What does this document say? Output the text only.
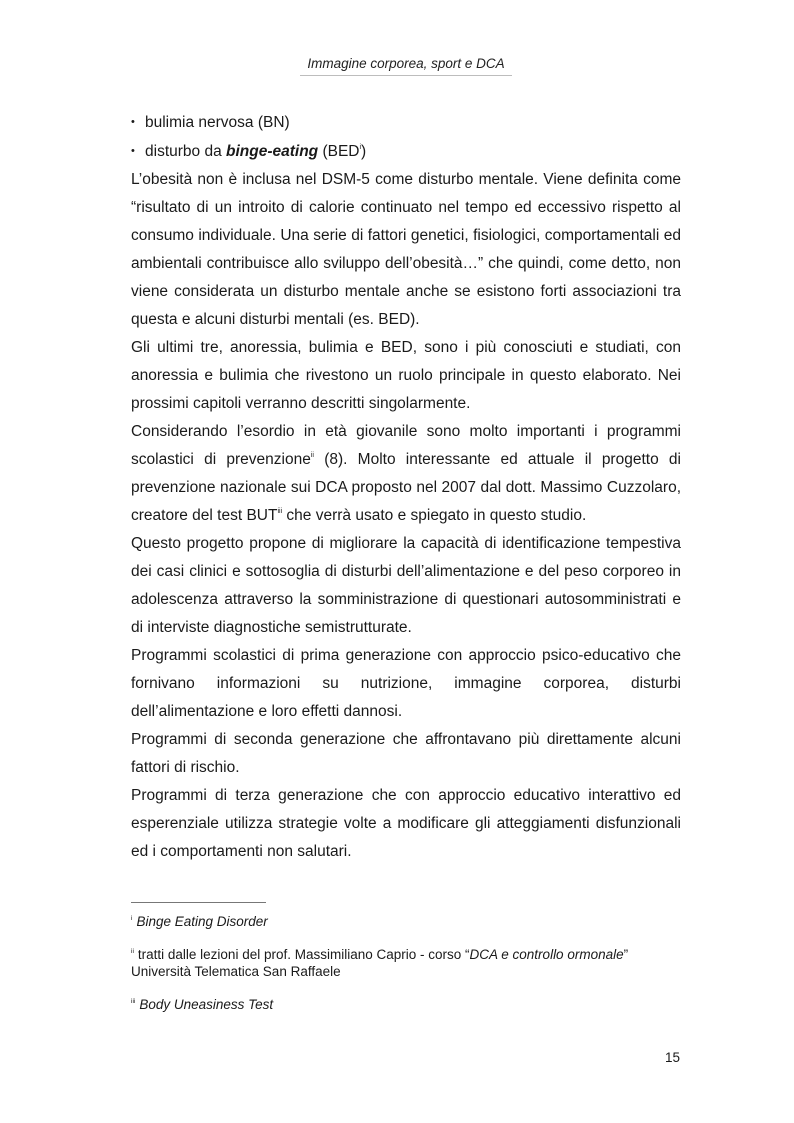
Immagine corporea, sport e DCA
• bulimia nervosa (BN)
• disturbo da binge-eating (BED$^i$)

L’obesità non è inclusa nel DSM-5 come disturbo mentale. Viene definita come “risultato di un introito di calorie continuato nel tempo ed eccessivo rispetto al consumo individuale. Una serie di fattori genetici, fisiologici, comportamentali ed ambientali contribuisce allo sviluppo dell’obesità…” che quindi, come detto, non viene considerata un disturbo mentale anche se esistono forti associazioni tra questa e alcuni disturbi mentali (es. BED).

Gli ultimi tre, anoressia, bulimia e BED, sono i più conosciuti e studiati, con anoressia e bulimia che rivestono un ruolo principale in questo elaborato. Nei prossimi capitoli verranno descritti singolarmente.

Considerando l’esordio in età giovanile sono molto importanti i programmi scolastici di prevenzione$^{ii}$ (8). Molto interessante ed attuale il progetto di prevenzione nazionale sui DCA proposto nel 2007 dal dott. Massimo Cuzzolaro, creatore del test BUT$^{iii}$ che verrà usato e spiegato in questo studio.

Questo progetto propone di migliorare la capacità di identificazione tempestiva dei casi clinici e sottosoglia di disturbi dell’alimentazione e del peso corporeo in adolescenza attraverso la somministrazione di questionari autosomministrati e di interviste diagnostiche semistrutturate.

Programmi scolastici di prima generazione con approccio psico-educativo che fornivano informazioni su nutrizione, immagine corporea, disturbi dell’alimentazione e loro effetti dannosi.

Programmi di seconda generazione che affrontavano più direttamente alcuni fattori di rischio.

Programmi di terza generazione che con approccio educativo interattivo ed esperenziale utilizza strategie volte a modificare gli atteggiamenti disfunzionali ed i comportamenti non salutari.

$^i$ Binge Eating Disorder
$^{ii}$ tratti dalle lezioni del prof. Massimiliano Caprio - corso “DCA e controllo ormonale”
Università Telematica San Raffaele
$^{iii}$ Body Uneasiness Test
15
